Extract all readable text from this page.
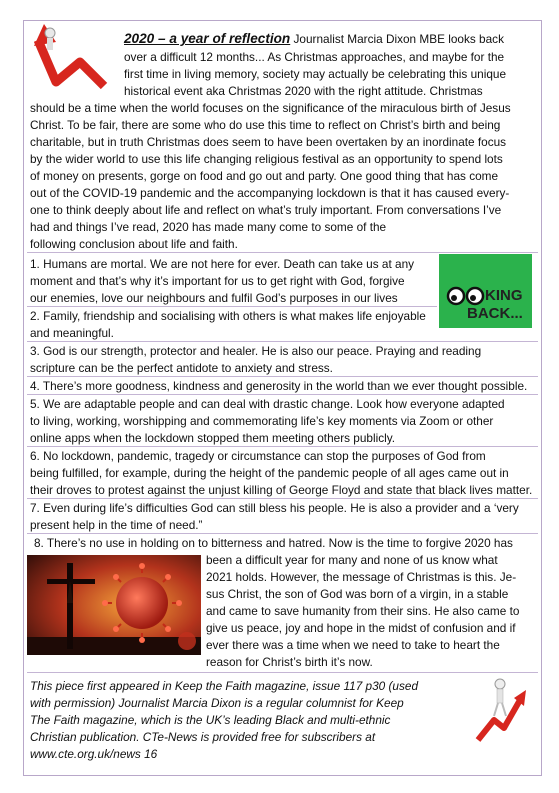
2020 – a year of reflection Journalist Marcia Dixon MBE looks back
over a difficult 12 months... As Christmas approaches, and maybe for the
first time in living memory, society may actually be celebrating this unique
historical event aka Christmas 2020 with the right attitude. Christmas
should be a time when the world focuses on the significance of the miraculous birth of Jesus
Christ. To be fair, there are some who do use this time to reflect on Christ’s birth and being
charitable, but in truth Christmas does seem to have been overtaken by an inordinate focus
by the wider world to use this life changing religious festival as an opportunity to spend lots
of money on presents, gorge on food and go out and party. One good thing that has come
out of the COVID-19 pandemic and the accompanying lockdown is that it has caused every-
one to think deeply about life and reflect on what’s truly important. From conversations I’ve
had and things I’ve read, 2020 has made many come to some of the
following conclusion about life and faith.
KING
BACK...
1. Humans are mortal. We are not here for ever. Death can take us at any
moment and that’s why it’s important for us to get right with God, forgive
our enemies, love our neighbours and fulfil God’s purposes in our lives
2. Family, friendship and socialising with others is what makes life enjoyable
and meaningful.
3. God is our strength, protector and healer. He is also our peace. Praying and reading
scripture can be the perfect antidote to anxiety and stress.
4. There’s more goodness, kindness and generosity in the world than we ever thought possible.
5. We are adaptable people and can deal with drastic change. Look how everyone adapted
to living, working, worshipping and commemorating life’s key moments via Zoom or other
online apps when the lockdown stopped them meeting others publicly.
6. No lockdown, pandemic, tragedy or circumstance can stop the purposes of God from
being fulfilled, for example, during the height of the pandemic people of all ages came out in
their droves to protest against the unjust killing of George Floyd and state that black lives matter.
7. Even during life’s difficulties God can still bless his people. He is also a provider and a ‘very
present help in the time of need.”
8. There’s no use in holding on to bitterness and hatred. Now is the time to forgive 2020 has
been a difficult year for many and none of us know what
2021 holds. However, the message of Christmas is this. Je-
sus Christ, the son of God was born of a virgin, in a stable
and came to save humanity from their sins. He also came to
give us peace, joy and hope in the midst of confusion and if
ever there was a time when we need to take to heart the
reason for Christ’s birth it’s now.
This piece first appeared in Keep the Faith magazine, issue 117 p30 (used
with permission) Journalist Marcia Dixon is a regular columnist for Keep
The Faith magazine, which is the UK’s leading Black and multi-ethnic
Christian publication. CTe-News is provided free for subscribers at
www.cte.org.uk/news 16
